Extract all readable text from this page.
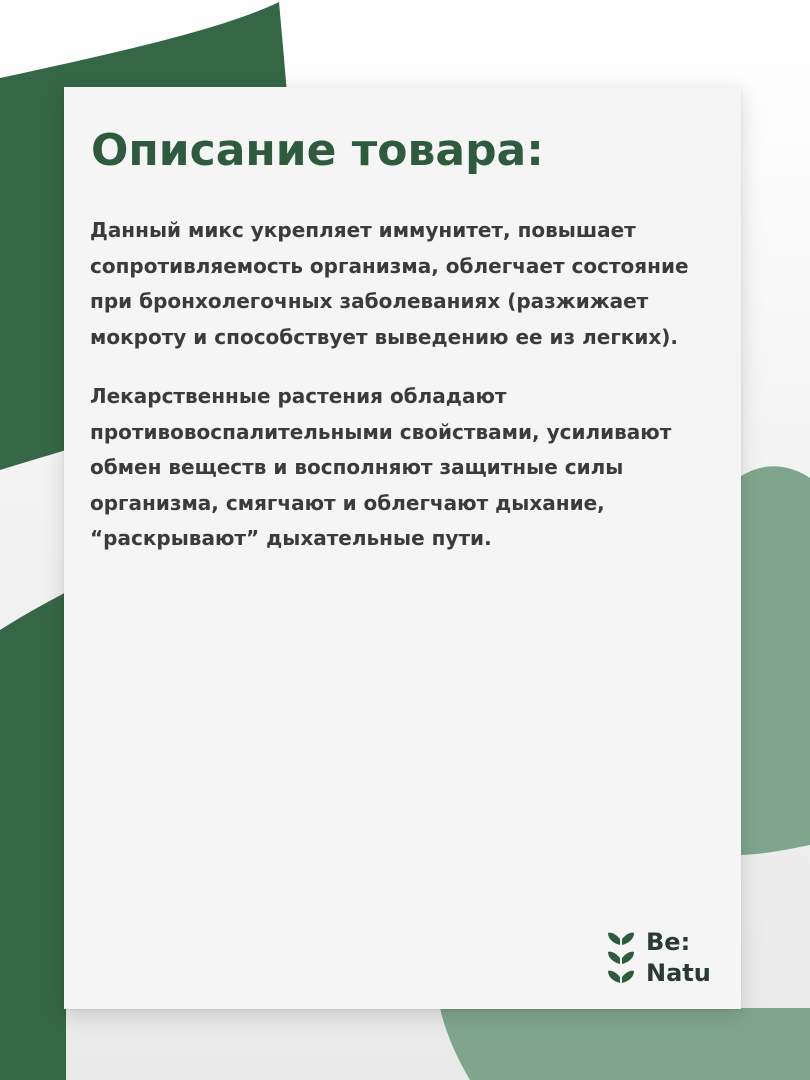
Описание товара:

Данный микс укрепляет иммунитет, повышает
сопротивляемость организма, облегчает состояние
при бронхолегочных заболеваниях (разжижает
мокроту и способствует выведению ее из легких).

Лекарственные растения обладают
противовоспалительными свойствами, усиливают
обмен веществ и восполняют защитные силы
организма, смягчают и облегчают дыхание,
“раскрывают” дыхательные пути.

Be:
Natu
